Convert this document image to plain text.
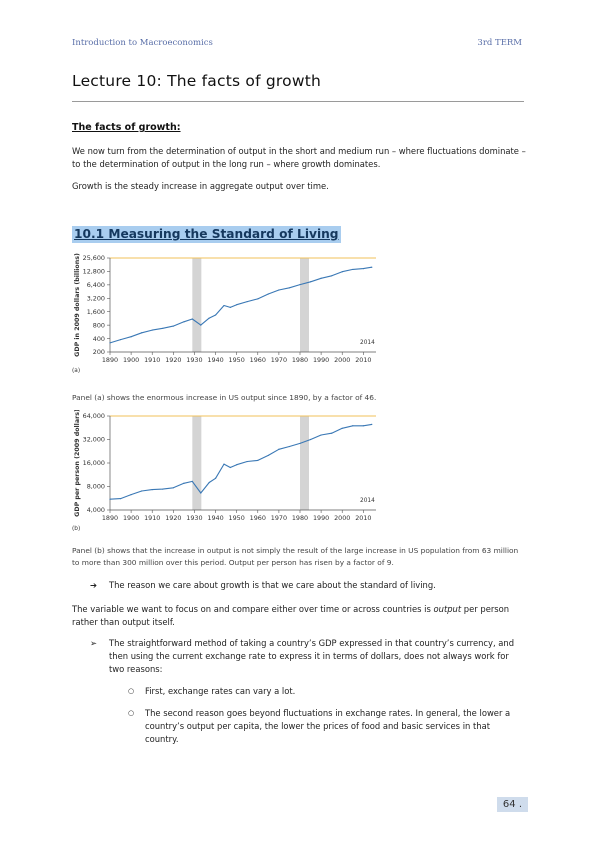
Introduction to Macroeconomics	3rd TERM
Lecture 10: The facts of growth
The facts of growth:
We now turn from the determination of output in the short and medium run – where fluctuations dominate – to the determination of output in the long run – where growth dominates.
Growth is the steady increase in aggregate output over time.
10.1 Measuring the Standard of Living
25,600
12,800
6,400
3,200
1,600
800
400
200
1890 1900 1910 1920 1930 1940 1950 1960 1970 1980 1990 2000 2010
GDP in 2009 dollars (billions)	2014
(a)
Panel (a) shows the enormous increase in US output since 1890, by a factor of 46.
64,000
32,000
16,000
8,000
4,000
1890 1900 1910 1920 1930 1940 1950 1960 1970 1980 1990 2000 2010
GDP per person (2009 dollars)	2014
(b)
Panel (b) shows that the increase in output is not simply the result of the large increase in US population from 63 million to more than 300 million over this period. Output per person has risen by a factor of 9.
➔ The reason we care about growth is that we care about the standard of living.
The variable we want to focus on and compare either over time or across countries is output per person rather than output itself.
➢ The straightforward method of taking a country’s GDP expressed in that country’s currency, and then using the current exchange rate to express it in terms of dollars, does not always work for two reasons:
○ First, exchange rates can vary a lot.
○ The second reason goes beyond fluctuations in exchange rates. In general, the lower a country’s output per capita, the lower the prices of food and basic services in that country.
64 .
